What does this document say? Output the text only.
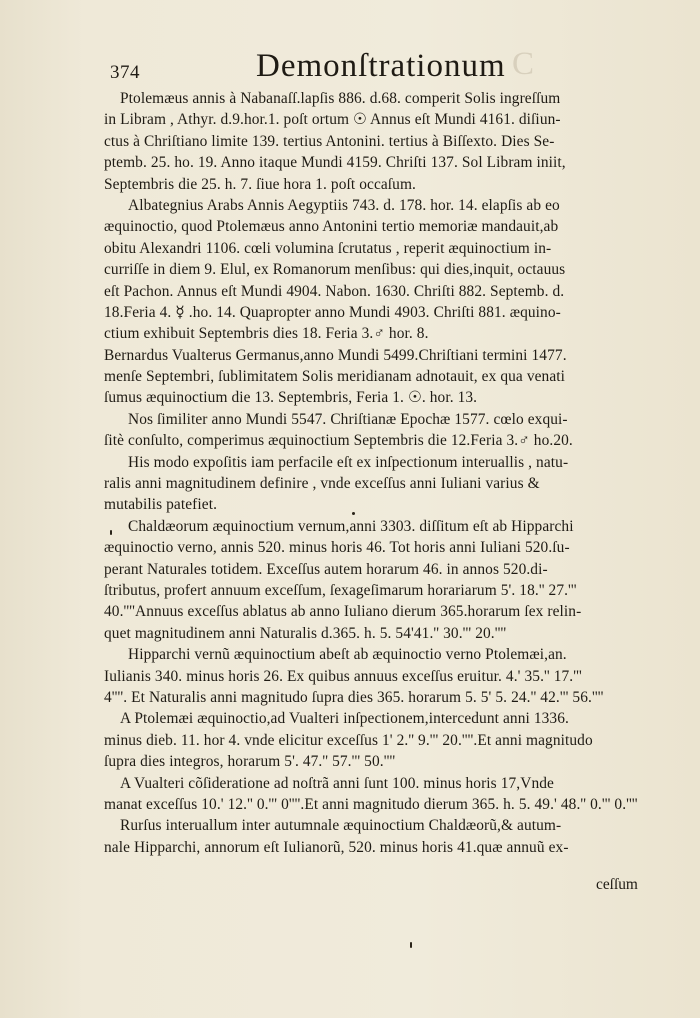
374	Demonſtrationum C
Ptolemæus annis à Nabanaſſ.lapſis 886. d.68. comperit Solis ingreſſum
in Libram , Athyr. d.9.hor.1. poſt ortum ☉ Annus eſt Mundi 4161. diſiun-
ctus à Chriſtiano limite 139. tertius Antonini. tertius à Biſſexto. Dies Se-
ptemb. 25. ho. 19. Anno itaque Mundi 4159. Chriſti 137. Sol Libram iniit,
Septembris die 25. h. 7. ſiue hora 1. poſt occaſum.
Albategnius Arabs Annis Aegyptiis 743. d. 178. hor. 14. elapſis ab eo
æquinoctio, quod Ptolemæus anno Antonini tertio memoriæ mandauit,ab
obitu Alexandri 1106. cœli volumina ſcrutatus , reperit æquinoctium in-
curriſſe in diem 9. Elul, ex Romanorum menſibus: qui dies,inquit, octauus
eſt Pachon. Annus eſt Mundi 4904. Nabon. 1630. Chriſti 882. Septemb. d.
18.Feria 4. ☿ .ho. 14. Quapropter anno Mundi 4903. Chriſti 881. æquino-
ctium exhibuit Septembris dies 18. Feria 3.♂ hor. 8.
Bernardus Vualterus Germanus,anno Mundi 5499.Chriſtiani termini 1477.
menſe Septembri, ſublimitatem Solis meridianam adnotauit, ex qua venati
ſumus æquinoctium die 13. Septembris, Feria 1. ☉. hor. 13.
Nos ſimiliter anno Mundi 5547. Chriſtianæ Epochæ 1577. cœlo exqui-
ſitè conſulto, comperimus æquinoctium Septembris die 12.Feria 3.♂ ho.20.
His modo expoſitis iam perfacile eſt ex inſpectionum interuallis , natu-
ralis anni magnitudinem definire , vnde exceſſus anni Iuliani varius &
mutabilis patefiet.
Chaldæorum æquinoctium vernum,anni 3303. diſſitum eſt ab Hipparchi
æquinoctio verno, annis 520. minus horis 46. Tot horis anni Iuliani 520.ſu-
perant Naturales totidem. Exceſſus autem horarum 46. in annos 520.di-
ſtributus, profert annuum exceſſum, ſexageſimarum horariarum 5'. 18.'' 27.'''
40.''''Annuus exceſſus ablatus ab anno Iuliano dierum 365.horarum ſex relin-
quet magnitudinem anni Naturalis d.365. h. 5. 54'41.'' 30.''' 20.''''
Hipparchi vernũ æquinoctium abeſt ab æquinoctio verno Ptolemæi,an.
Iulianis 340. minus horis 26. Ex quibus annuus exceſſus eruitur. 4.' 35.'' 17.'''
4''''. Et Naturalis anni magnitudo ſupra dies 365. horarum 5. 5' 5. 24.'' 42.''' 56.''''
A Ptolemæi æquinoctio,ad Vualteri inſpectionem,intercedunt anni 1336.
minus dieb. 11. hor 4. vnde elicitur exceſſus 1' 2.'' 9.''' 20.''''.Et anni magnitudo
ſupra dies integros, horarum 5'. 47.'' 57.''' 50.''''
A Vualteri cõſideratione ad noſtrã anni ſunt 100. minus horis 17,Vnde
manat exceſſus 10.' 12.'' 0.''' 0''''.Et anni magnitudo dierum 365. h. 5. 49.' 48.'' 0.''' 0.''''
Rurſus interuallum inter autumnale æquinoctium Chaldæorũ,& autum-
nale Hipparchi, annorum eſt Iulianorũ, 520. minus horis 41.quæ annuũ ex-
ceſſum
